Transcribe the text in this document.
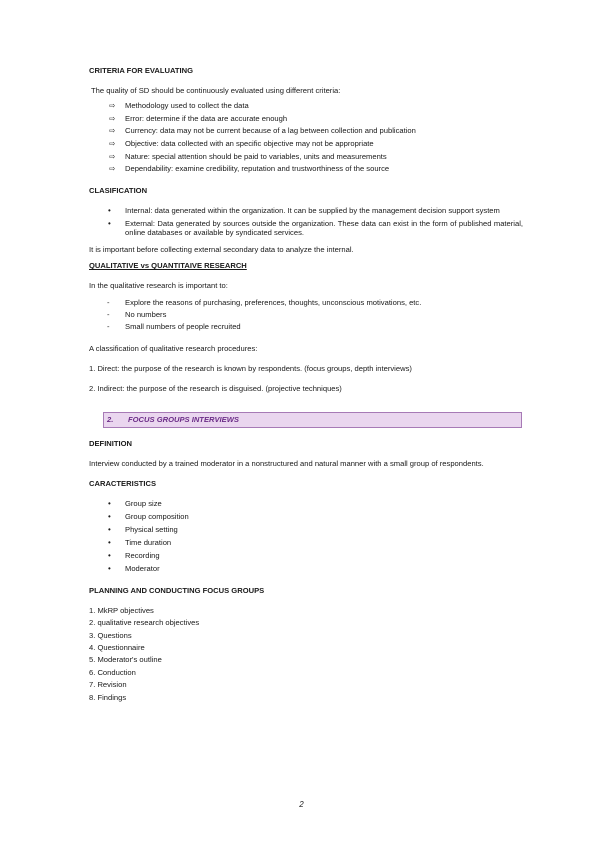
CRITERIA FOR EVALUATING

The quality of SD should be continuously evaluated using different criteria:

⇨ Methodology used to collect the data
⇨ Error: determine if the data are accurate enough
⇨ Currency: data may not be current because of a lag between collection and publication
⇨ Objective: data collected with an specific objective may not be appropriate
⇨ Nature: special attention should be paid to variables, units and measurements
⇨ Dependability: examine credibility, reputation and trustworthiness of the source
CLASIFICATION
• Internal: data generated within the organization. It can be supplied by the management decision support system
• External: Data generated by sources outside the organization. These data can exist in the form of published material, online databases or available by syndicated services.

It is important before collecting external secondary data to analyze the internal.

QUALITATIVE vs QUANTITAIVE RESEARCH

In the qualitative research is important to:

- Explore the reasons of purchasing, preferences, thoughts, unconscious motivations, etc.
- No numbers
- Small numbers of people recruited

A classification of qualitative research procedures:

1. Direct: the purpose of the research is known by respondents. (focus groups, depth interviews)

2. Indirect: the purpose of the research is disguised. (projective techniques)

2. FOCUS GROUPS INTERVIEWS
DEFINITION

Interview conducted by a trained moderator in a nonstructured and natural manner with a small group of respondents.

CARACTERISTICS
• Group size
• Group composition
• Physical setting
• Time duration
• Recording
• Moderator
PLANNING AND CONDUCTING FOCUS GROUPS

1. MkRP objectives

2. qualitative research objectives

3. Questions

4. Questionnaire

5. Moderator's outline

6. Conduction

7. Revision

8. Findings

2
